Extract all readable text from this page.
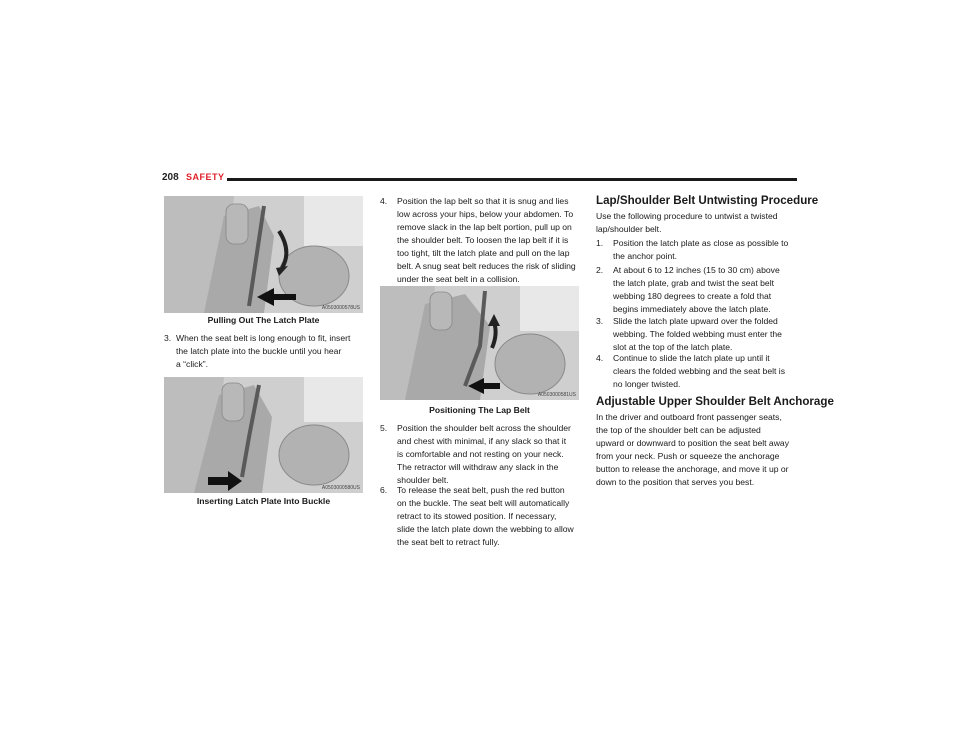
208 SAFETY
A0503000578US
Pulling Out The Latch Plate
3. When the seat belt is long enough to fit, insert
the latch plate into the buckle until you hear
a “click”.
A0503000580US
Inserting Latch Plate Into Buckle
4. Position the lap belt so that it is snug and lies
low across your hips, below your abdomen. To
remove slack in the lap belt portion, pull up on
the shoulder belt. To loosen the lap belt if it is
too tight, tilt the latch plate and pull on the lap
belt. A snug seat belt reduces the risk of sliding
under the seat belt in a collision.
A0503000581US
Positioning The Lap Belt
5. Position the shoulder belt across the shoulder
and chest with minimal, if any slack so that it
is comfortable and not resting on your neck.
The retractor will withdraw any slack in the
shoulder belt.
6. To release the seat belt, push the red button
on the buckle. The seat belt will automatically
retract to its stowed position. If necessary,
slide the latch plate down the webbing to allow
the seat belt to retract fully.
Lap/Shoulder Belt Untwisting Procedure
Use the following procedure to untwist a twisted
lap/shoulder belt.
1. Position the latch plate as close as possible to
the anchor point.
2. At about 6 to 12 inches (15 to 30 cm) above
the latch plate, grab and twist the seat belt
webbing 180 degrees to create a fold that
begins immediately above the latch plate.
3. Slide the latch plate upward over the folded
webbing. The folded webbing must enter the
slot at the top of the latch plate.
4. Continue to slide the latch plate up until it
clears the folded webbing and the seat belt is
no longer twisted.
Adjustable Upper Shoulder Belt Anchorage
In the driver and outboard front passenger seats,
the top of the shoulder belt can be adjusted
upward or downward to position the seat belt away
from your neck. Push or squeeze the anchorage
button to release the anchorage, and move it up or
down to the position that serves you best.
